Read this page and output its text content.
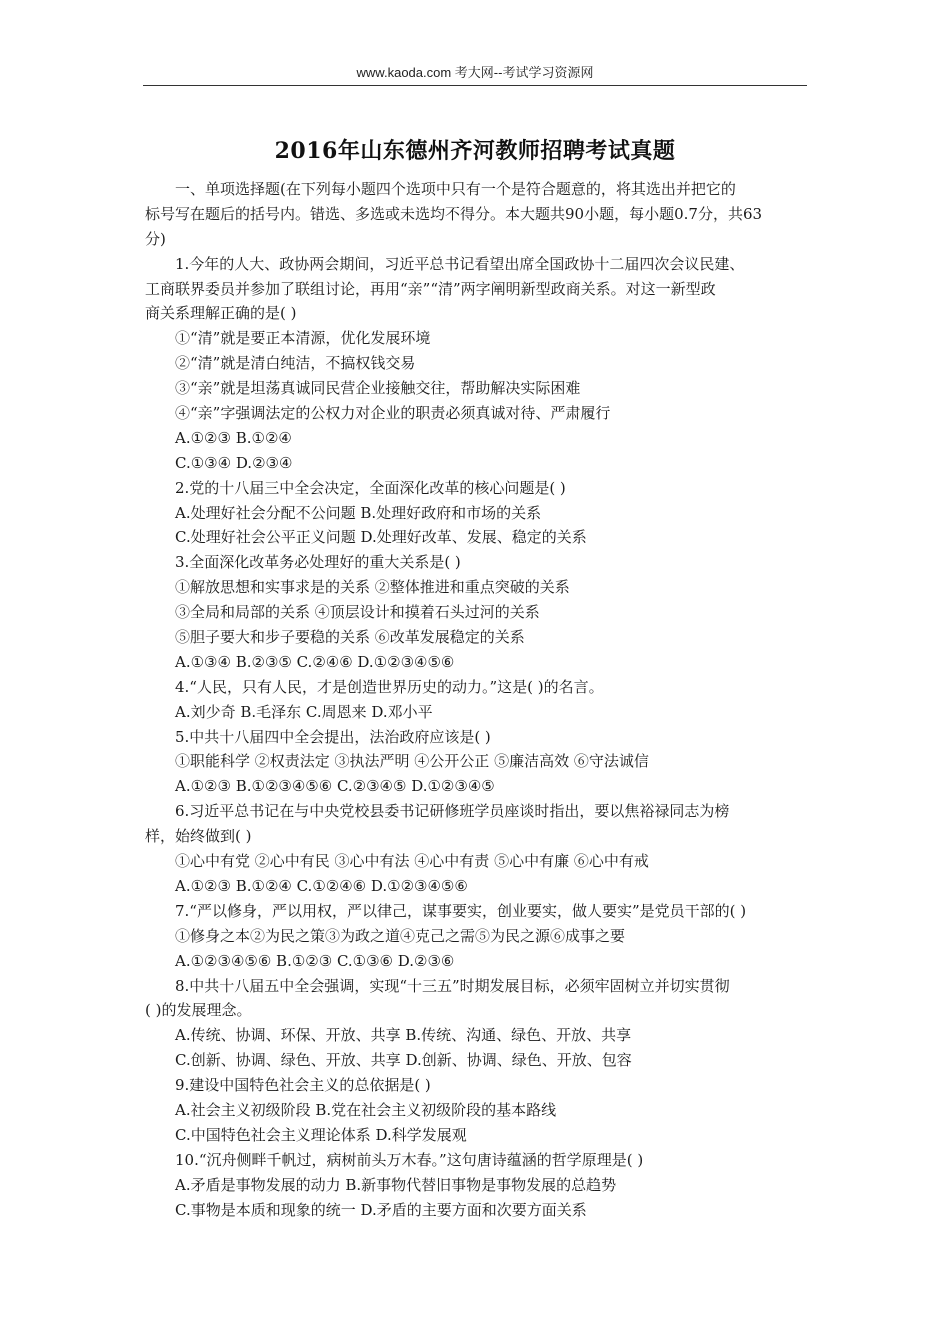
www.kaoda.com 考大网--考试学习资源网
2016年山东德州齐河教师招聘考试真题
一、单项选择题(在下列每小题四个选项中只有一个是符合题意的，将其选出并把它的
标号写在题后的括号内。错选、多选或未选均不得分。本大题共90小题，每小题0.7分，共63
分)
1.今年的人大、政协两会期间，习近平总书记看望出席全国政协十二届四次会议民建、
工商联界委员并参加了联组讨论，再用“亲”“清”两字阐明新型政商关系。对这一新型政
商关系理解正确的是( )
①“清”就是要正本清源，优化发展环境
②“清”就是清白纯洁，不搞权钱交易
③“亲”就是坦荡真诚同民营企业接触交往，帮助解决实际困难
④“亲”字强调法定的公权力对企业的职责必须真诚对待、严肃履行
A.①②③ B.①②④
C.①③④ D.②③④
2.党的十八届三中全会决定，全面深化改革的核心问题是( )
A.处理好社会分配不公问题 B.处理好政府和市场的关系
C.处理好社会公平正义问题 D.处理好改革、发展、稳定的关系
3.全面深化改革务必处理好的重大关系是( )
①解放思想和实事求是的关系 ②整体推进和重点突破的关系
③全局和局部的关系 ④顶层设计和摸着石头过河的关系
⑤胆子要大和步子要稳的关系 ⑥改革发展稳定的关系
A.①③④ B.②③⑤ C.②④⑥ D.①②③④⑤⑥
4.“人民，只有人民，才是创造世界历史的动力。”这是( )的名言。
A.刘少奇 B.毛泽东 C.周恩来 D.邓小平
5.中共十八届四中全会提出，法治政府应该是( )
①职能科学 ②权责法定 ③执法严明 ④公开公正 ⑤廉洁高效 ⑥守法诚信
A.①②③ B.①②③④⑤⑥ C.②③④⑤ D.①②③④⑤
6.习近平总书记在与中央党校县委书记研修班学员座谈时指出，要以焦裕禄同志为榜
样，始终做到( )
①心中有党 ②心中有民 ③心中有法 ④心中有责 ⑤心中有廉 ⑥心中有戒
A.①②③ B.①②④ C.①②④⑥ D.①②③④⑤⑥
7.“严以修身，严以用权，严以律己，谋事要实，创业要实，做人要实”是党员干部的( )
①修身之本②为民之策③为政之道④克己之需⑤为民之源⑥成事之要
A.①②③④⑤⑥ B.①②③ C.①③⑥ D.②③⑥
8.中共十八届五中全会强调，实现“十三五”时期发展目标，必须牢固树立并切实贯彻
( )的发展理念。
A.传统、协调、环保、开放、共享 B.传统、沟通、绿色、开放、共享
C.创新、协调、绿色、开放、共享 D.创新、协调、绿色、开放、包容
9.建设中国特色社会主义的总依据是( )
A.社会主义初级阶段 B.党在社会主义初级阶段的基本路线
C.中国特色社会主义理论体系 D.科学发展观
10.“沉舟侧畔千帆过，病树前头万木春。”这句唐诗蕴涵的哲学原理是( )
A.矛盾是事物发展的动力 B.新事物代替旧事物是事物发展的总趋势
C.事物是本质和现象的统一 D.矛盾的主要方面和次要方面关系
